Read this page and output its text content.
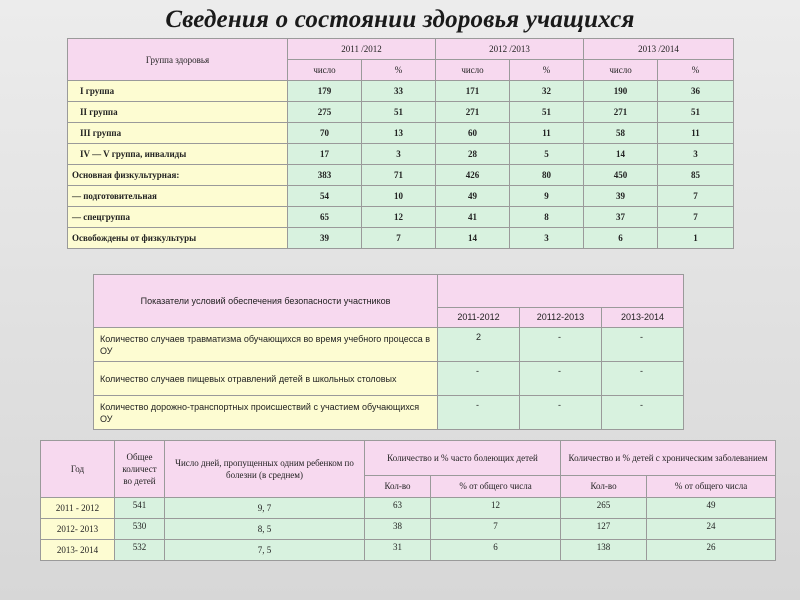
Сведения о состоянии здоровья учащихся
Группа здоровья	2011 /2012		2012 /2013		2013 /2014	
	число	%	число	%	число	%
I группа	179	33	171	32	190	36
II группа	275	51	271	51	271	51
III группа	70	13	60	11	58	11
IV — V группа, инвалиды	17	3	28	5	14	3
Основная физкультурная:	383	71	426	80	450	85
— подготовительная	54	10	49	9	39	7
— спецгруппа	65	12	41	8	37	7
Освобождены от физкультуры	39	7	14	3	6	1
Показатели условий обеспечения безопасности участников			
	2011-2012	20112-2013	2013-2014
Количество случаев травматизма обучающихся во время учебного процесса в ОУ	2	-	-
Количество случаев пищевых отравлений детей в школьных столовых	-	-	-
Количество дорожно-транспортных происшествий с участием обучающихся ОУ	-	-	-
Год	Общее количест во детей	Число дней, пропущенных одним ребенком по болезни (в среднем)	Количество и % часто болеющих детей		Количество и % детей с хроническим заболеванием	
			Кол-во	% от общего числа	Кол-во	% от общего числа
2011 - 2012	541	9, 7	63	12	265	49
2012- 2013	530	8, 5	38	7	127	24
2013- 2014	532	7, 5	31	6	138	26
